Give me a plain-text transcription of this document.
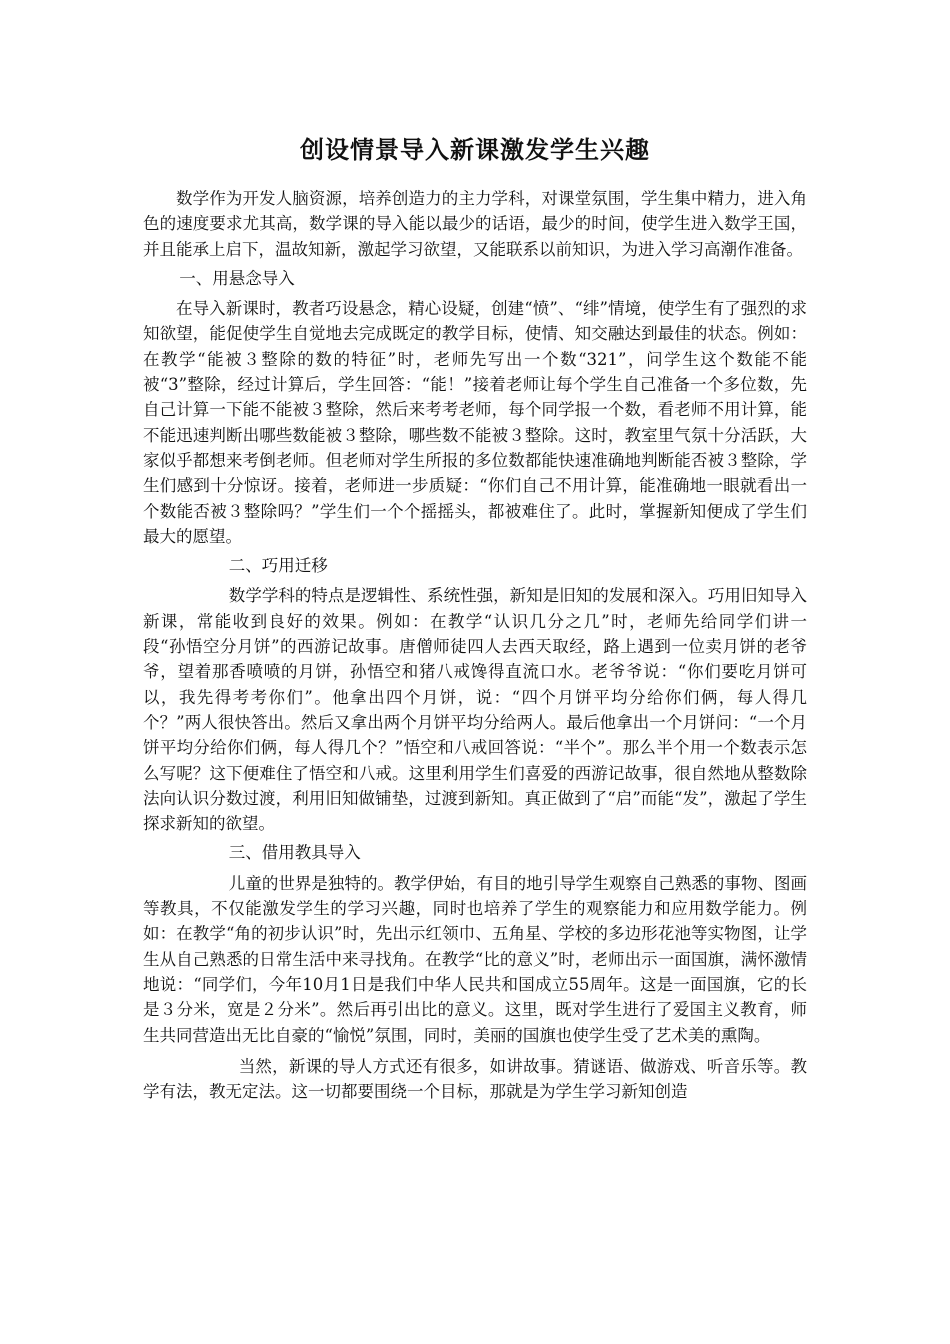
创设情景导入新课激发学生兴趣

数学作为开发人脑资源，培养创造力的主力学科，对课堂氛围，学生集中精力，进入角色的速度要求尤其高，数学课的导入能以最少的话语，最少的时间，使学生进入数学王国，并且能承上启下，温故知新，激起学习欲望，又能联系以前知识，为进入学习高潮作准备。

一、用悬念导入

在导入新课时，教者巧设悬念，精心设疑，创建“愤”、“绯”情境，使学生有了强烈的求知欲望，能促使学生自觉地去完成既定的教学目标，使情、知交融达到最佳的状态。例如：在教学“能被３整除的数的特征”时，老师先写出一个数“321”，问学生这个数能不能被“3”整除，经过计算后，学生回答：“能！”接着老师让每个学生自己准备一个多位数，先自己计算一下能不能被３整除，然后来考考老师，每个同学报一个数，看老师不用计算，能不能迅速判断出哪些数能被３整除，哪些数不能被３整除。这时，教室里气氛十分活跃，大家似乎都想来考倒老师。但老师对学生所报的多位数都能快速准确地判断能否被３整除，学生们感到十分惊讶。接着，老师进一步质疑：“你们自己不用计算，能准确地一眼就看出一个数能否被３整除吗？”学生们一个个摇摇头，都被难住了。此时，掌握新知便成了学生们最大的愿望。

二、巧用迁移

数学学科的特点是逻辑性、系统性强，新知是旧知的发展和深入。巧用旧知导入新课，常能收到良好的效果。例如：在教学“认识几分之几”时，老师先给同学们讲一　段“孙悟空分月饼”的西游记故事。唐僧师徒四人去西天取经，路上遇到一位卖月饼的老爷爷，望着那香喷喷的月饼，孙悟空和猪八戒馋得直流口水。老爷爷说：“你们要吃月饼可以，我先得考考你们”。他拿出四个月饼，说：“四个月饼平均分给你们俩，每人得几个？”两人很快答出。然后又拿出两个月饼平均分给两人。最后他拿出一个月饼问：“一个月饼平均分给你们俩，每人得几个？”悟空和八戒回答说：“半个”。那么半个用一个数表示怎么写呢？这下便难住了悟空和八戒。这里利用学生们喜爱的西游记故事，很自然地从整数除法向认识分数过渡，利用旧知做铺垫，过渡到新知。真正做到了“启”而能“发”，激起了学生探求新知的欲望。

三、借用教具导入

儿童的世界是独特的。教学伊始，有目的地引导学生观察自己熟悉的事物、图画等教具，不仅能激发学生的学习兴趣，同时也培养了学生的观察能力和应用数学能力。例如：在教学“角的初步认识”时，先出示红领巾、五角星、学校的多边形花池等实物图，让学生从自己熟悉的日常生活中来寻找角。在教学“比的意义”时，老师出示一面国旗，满怀激情地说：“同学们，今年10月1日是我们中华人民共和国成立55周年。这是一面国旗，它的长是３分米，宽是２分米”。然后再引出比的意义。这里，既对学生进行了爱国主义教育，师生共同营造出无比自豪的“愉悦”氛围，同时，美丽的国旗也使学生受了艺术美的熏陶。

当然，新课的导人方式还有很多，如讲故事。猜谜语、做游戏、听音乐等。教学有法，教无定法。这一切都要围绕一个目标，那就是为学生学习新知创造
